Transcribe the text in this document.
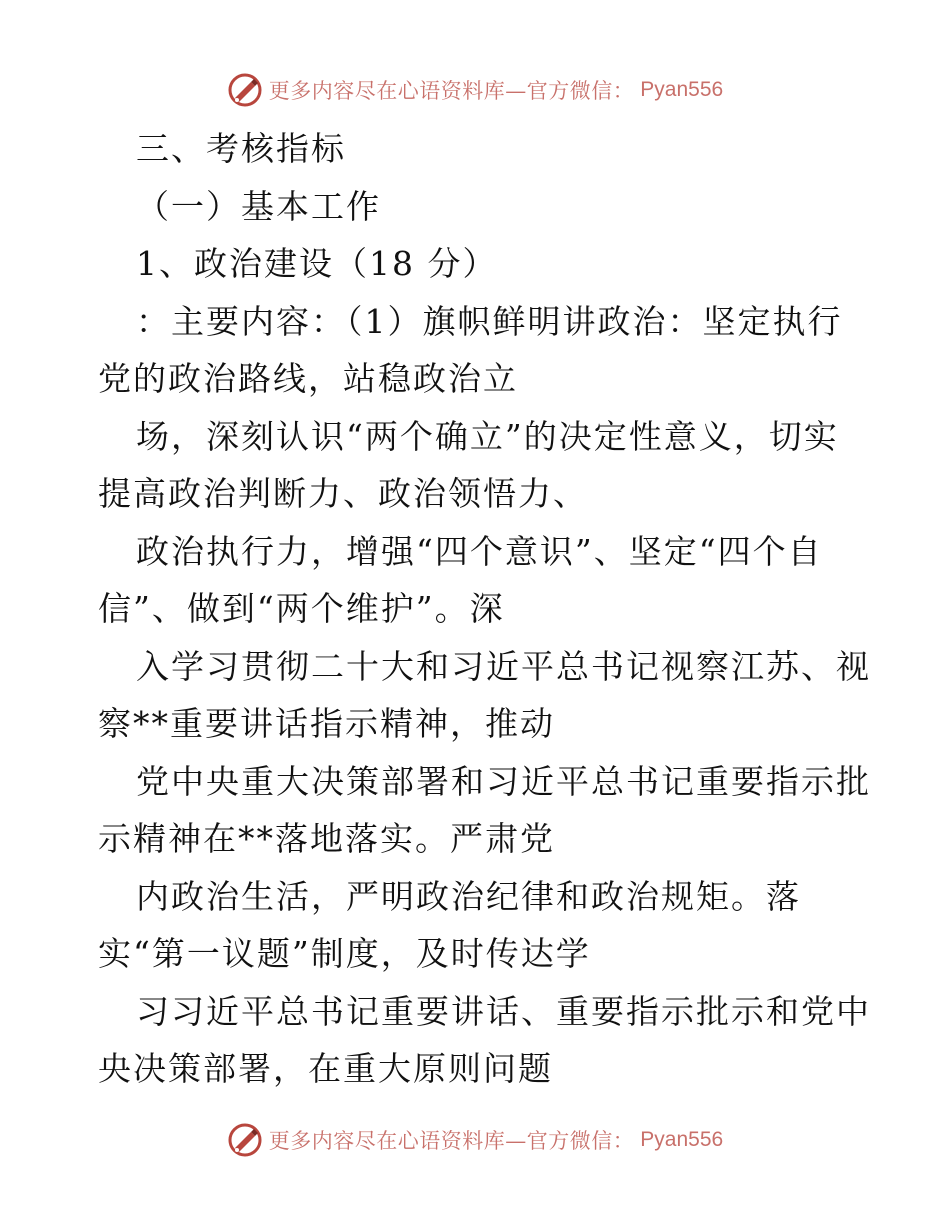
更多内容尽在心语资料库—官方微信： Pyan556
三、考核指标
（一）基本工作
1、政治建设（18 分）
：主要内容：（1）旗帜鲜明讲政治：坚定执行
党的政治路线，站稳政治立
场，深刻认识“两个确立”的决定性意义，切实
提高政治判断力、政治领悟力、
政治执行力，增强“四个意识”、坚定“四个自
信”、做到“两个维护”。深
入学习贯彻二十大和习近平总书记视察江苏、视
察**重要讲话指示精神，推动
党中央重大决策部署和习近平总书记重要指示批
示精神在**落地落实。严肃党
内政治生活，严明政治纪律和政治规矩。落
实“第一议题”制度，及时传达学
习习近平总书记重要讲话、重要指示批示和党中
央决策部署，在重大原则问题
更多内容尽在心语资料库—官方微信： Pyan556
